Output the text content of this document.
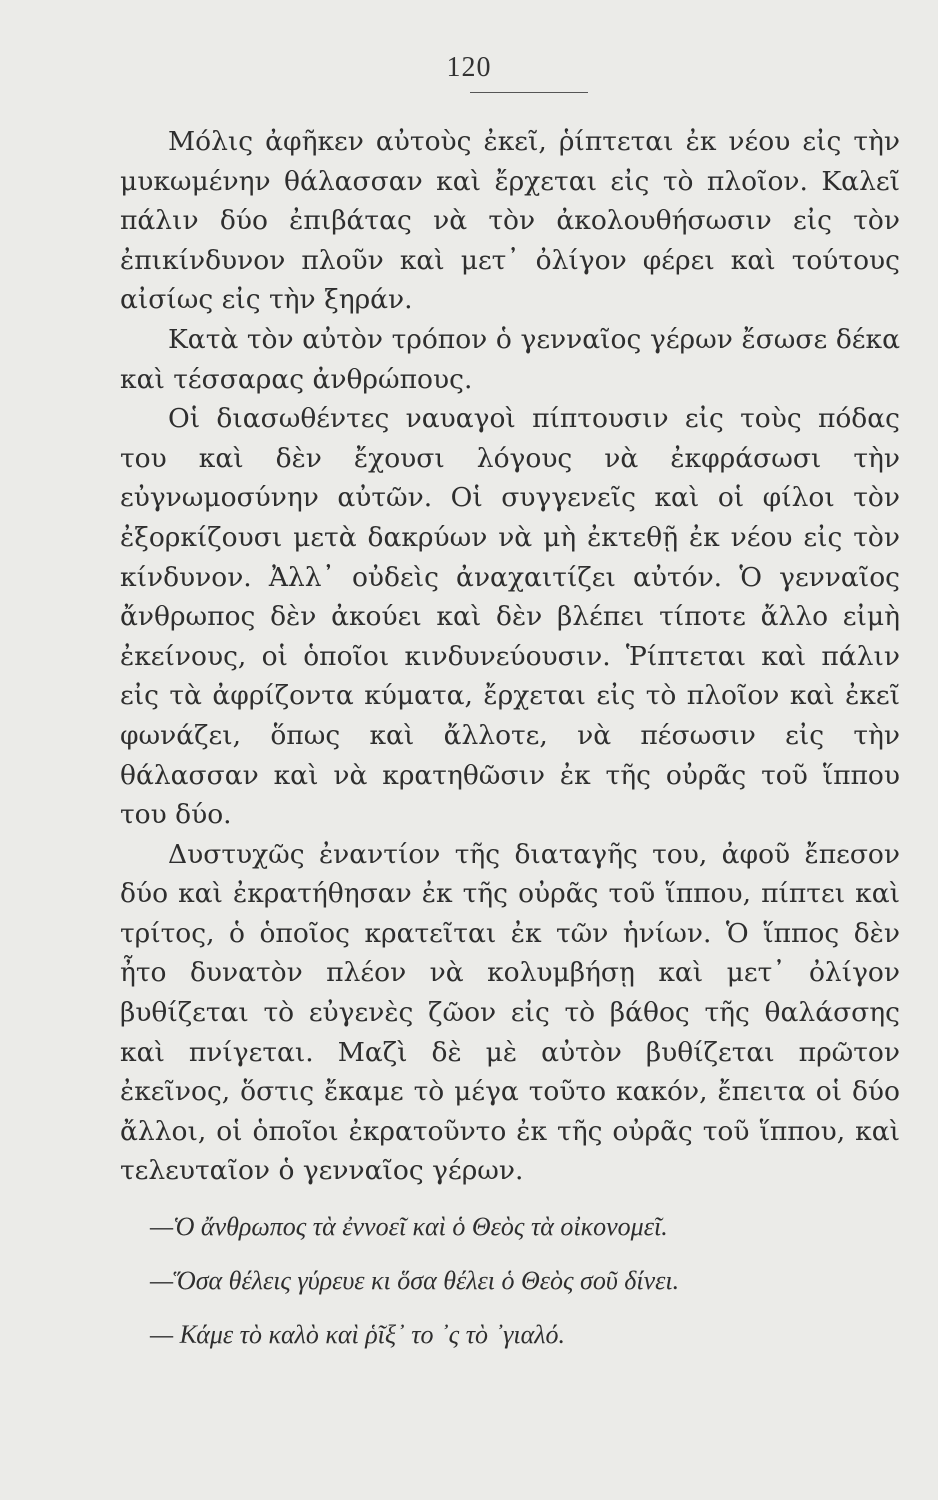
120

Μόλις ἀφῆκεν αὐτοὺς ἐκεῖ, ῥίπτεται ἐκ νέου εἰς τὴν μυκωμένην θάλασσαν καὶ ἔρχεται εἰς τὸ πλοῖον. Καλεῖ πάλιν δύο ἐπιβάτας νὰ τὸν ἀκολουθήσωσιν εἰς τὸν ἐπικίνδυνον πλοῦν καὶ μετ᾽ ὀλίγον φέρει καὶ τούτους αἰσίως εἰς τὴν ξηράν.

Κατὰ τὸν αὐτὸν τρόπον ὁ γενναῖος γέρων ἔσωσε δέκα καὶ τέσσαρας ἀνθρώπους.

Οἱ διασωθέντες ναυαγοὶ πίπτουσιν εἰς τοὺς πόδας του καὶ δὲν ἔχουσι λόγους νὰ ἐκφράσωσι τὴν εὐγνωμοσύνην αὐτῶν. Οἱ συγγενεῖς καὶ οἱ φίλοι τὸν ἐξορκίζουσι μετὰ δακρύων νὰ μὴ ἐκτεθῇ ἐκ νέου εἰς τὸν κίνδυνον. Ἀλλ᾽ οὐδεὶς ἀναχαιτίζει αὐτόν. Ὁ γενναῖος ἄνθρωπος δὲν ἀκούει καὶ δὲν βλέπει τίποτε ἄλλο εἰμὴ ἐκείνους, οἱ ὁποῖοι κινδυνεύουσιν. Ῥίπτεται καὶ πάλιν εἰς τὰ ἀφρίζοντα κύματα, ἔρχεται εἰς τὸ πλοῖον καὶ ἐκεῖ φωνάζει, ὅπως καὶ ἄλλοτε, νὰ πέσωσιν εἰς τὴν θάλασσαν καὶ νὰ κρατηθῶσιν ἐκ τῆς οὐρᾶς τοῦ ἵππου του δύο.

Δυστυχῶς ἐναντίον τῆς διαταγῆς του, ἀφοῦ ἔπεσον δύο καὶ ἐκρατήθησαν ἐκ τῆς οὐρᾶς τοῦ ἵππου, πίπτει καὶ τρίτος, ὁ ὁποῖος κρατεῖται ἐκ τῶν ἡνίων. Ὁ ἵππος δὲν ἦτο δυνατὸν πλέον νὰ κολυμβήσῃ καὶ μετ᾽ ὀλίγον βυθίζεται τὸ εὐγενὲς ζῶον εἰς τὸ βάθος τῆς θαλάσσης καὶ πνίγεται. Μαζὶ δὲ μὲ αὐτὸν βυθίζεται πρῶτον ἐκεῖνος, ὅστις ἔκαμε τὸ μέγα τοῦτο κακόν, ἔπειτα οἱ δύο ἄλλοι, οἱ ὁποῖοι ἐκρατοῦντο ἐκ τῆς οὐρᾶς τοῦ ἵππου, καὶ τελευταῖον ὁ γενναῖος γέρων.

—Ὁ ἄνθρωπος τὰ ἐννοεῖ καὶ ὁ Θεὸς τὰ οἰκονομεῖ.
—Ὅσα θέλεις γύρευε κι ὅσα θέλει ὁ Θεὸς σοῦ δίνει.
— Κάμε τὸ καλὸ καὶ ῥῖξ᾽ το ᾽ς τὸ ᾽γιαλό.
